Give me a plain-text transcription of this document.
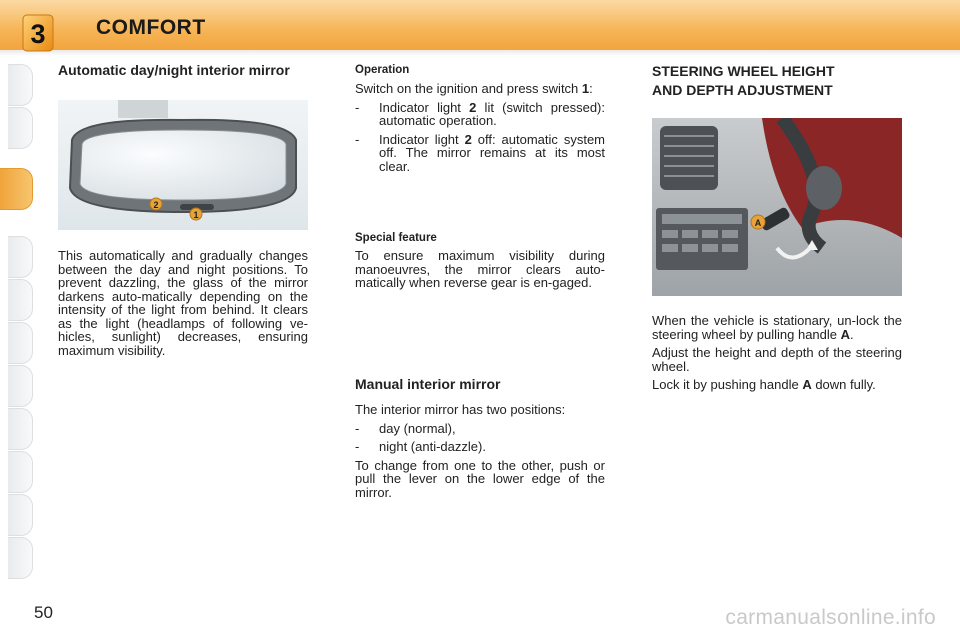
3 COMFORT
Automatic day/night interior mirror
2
1

This automatically and gradually changes between the day and night positions. To prevent dazzling, the glass of the mirror darkens auto-matically depending on the intensity of the light from behind. It clears as the light (headlamps of following ve-hicles, sunlight) decreases, ensuring maximum visibility.

Operation

Switch on the ignition and press switch 1:

-	Indicator light 2 lit (switch pressed): automatic operation.
-	Indicator light 2 off: automatic system off. The mirror remains at its most clear.
Special feature

To ensure maximum visibility during manoeuvres, the mirror clears auto-matically when reverse gear is en-gaged.

Manual interior mirror

The interior mirror has two positions:

-	day (normal),
-	night (anti-dazzle).

To change from one to the other, push or pull the lever on the lower edge of the mirror.

STEERING WHEEL HEIGHT
AND DEPTH ADJUSTMENT
A

When the vehicle is stationary, un-lock the steering wheel by pulling handle A.

Adjust the height and depth of the steering wheel.

Lock it by pushing handle A down fully.

50	carmanualsonline.info
